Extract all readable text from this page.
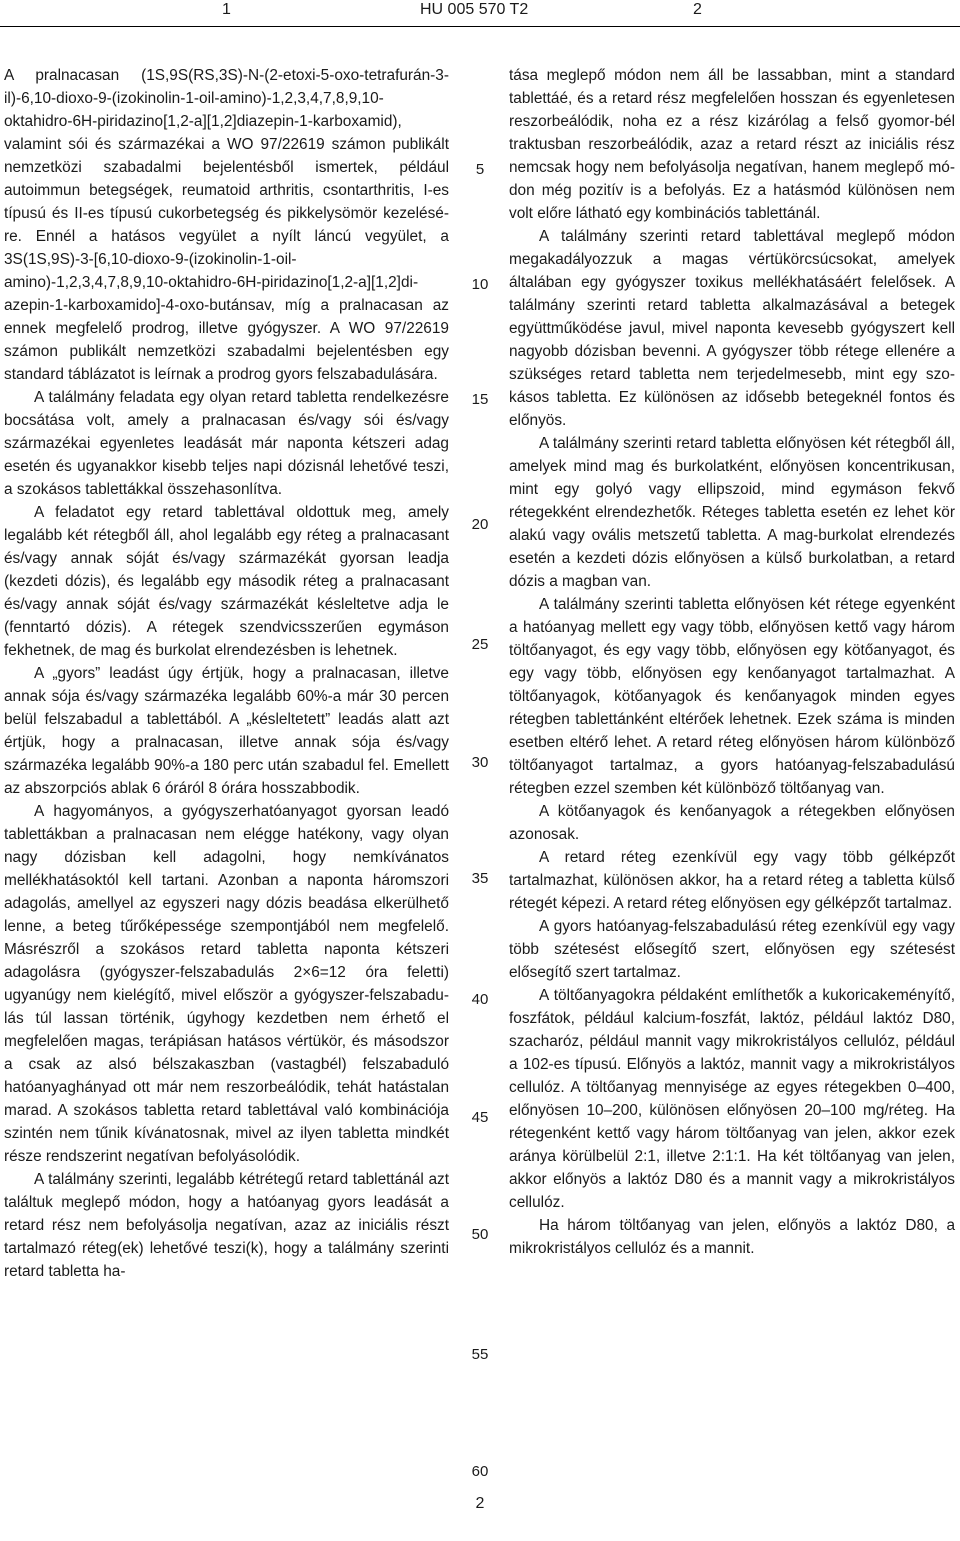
1	HU 005 570 T2	2

A pralnacasan (1S,9S(RS,3S)-N-(2-etoxi-5-oxo-tetrafurán-3-il)-6,10-dioxo-9-(izokinolin-1-oil-amino)-1,2,3,4,7,8,9,10-oktahidro-6H-piridazino[1,2-a][1,2]diazepin-1-karboxamid), valamint sói és származékai a WO 97/22619 számon publikált nemzetközi szabadalmi bejelentésből ismertek, például autoimmun betegségek, reumatoid arthritis, csontarthritis, I-es típusú és II-es típusú cukorbetegség és pikkelysömör kezelésére. Ennél a hatásos vegyület a nyílt láncú vegyület, a 3S(1S,9S)-3-[6,10-dioxo-9-(izokinolin-1-oil-amino)-1,2,3,4,7,8,9,10-oktahidro-6H-piridazino[1,2-a][1,2]diazepin-1-karboxamido]-4-oxo-butánsav, míg a pralnacasan az ennek megfelelő prodrog, illetve gyógyszer. A WO 97/22619 számon publikált nemzetközi szabadalmi bejelentésben egy standard táblázatot is leírnak a prodrog gyors felszabadulására.

A találmány feladata egy olyan retard tabletta rendelkezésre bocsátása volt, amely a pralnacasan és/vagy sói és/vagy származékai egyenletes leadását már naponta kétszeri adag esetén és ugyanakkor kisebb teljes napi dózisnál lehetővé teszi, a szokásos tablettákkal összehasonlítva.

A feladatot egy retard tablettával oldottuk meg, amely legalább két rétegből áll, ahol legalább egy réteg a pralnacasant és/vagy annak sóját és/vagy származékát gyorsan leadja (kezdeti dózis), és legalább egy második réteg a pralnacasant és/vagy annak sóját és/vagy származékát késleltetve adja le (fenntartó dózis). A rétegek szendvicsszerűen egymáson fekhetnek, de mag és burkolat elrendezésben is lehetnek.

A „gyors” leadást úgy értjük, hogy a pralnacasan, illetve annak sója és/vagy származéka legalább 60%-a már 30 percen belül felszabadul a tablettából. A „késleltetett” leadás alatt azt értjük, hogy a pralnacasan, illetve annak sója és/vagy származéka legalább 90%-a 180 perc után szabadul fel. Emellett az abszorpciós ablak 6 óráról 8 órára hosszabbodik.

A hagyományos, a gyógyszerhatóanyagot gyorsan leadó tablettákban a pralnacasan nem elégge hatékony, vagy olyan nagy dózisban kell adagolni, hogy nemkívánatos mellékhatásoktól kell tartani. Azonban a naponta háromszori adagolás, amellyel az egyszeri nagy dózis beadása elkerülhető lenne, a beteg tűrőképessége szempontjából nem megfelelő. Másrészről a szokásos retard tabletta naponta kétszeri adagolásra (gyógyszer-felszabadulás 2×6=12 óra feletti) ugyanúgy nem kielégítő, mivel először a gyógyszer-felszabadulás túl lassan történik, úgyhogy kezdetben nem érhető el megfelelően magas, terápiásan hatásos vértükör, és másodszor a csak az alsó bélszakaszban (vastagbél) felszabaduló hatóanyaghányad ott már nem reszorbeálódik, tehát hatástalan marad. A szokásos tabletta retard tablettával való kombinációja szintén nem tűnik kívánatosnak, mivel az ilyen tabletta mindkét része rendszerint negatívan befolyásolódik.

A találmány szerinti, legalább kétrétegű retard tablettánál azt találtuk meglepő módon, hogy a hatóanyag gyors leadását a retard rész nem befolyásolja negatívan, azaz az iniciális részt tartalmazó réteg(ek) lehetővé teszi(k), hogy a találmány szerinti retard tabletta ha-

5
10
15
20
25
30
35
40
45
50
55
60

tása meglepő módon nem áll be lassabban, mint a standard tablettáé, és a retard rész megfelelően hosszan és egyenletesen reszorbeálódik, noha ez a rész kizárólag a felső gyomor-bél traktusban reszorbeálódik, azaz a retard részt az iniciális rész nemcsak hogy nem befolyásolja negatívan, hanem meglepő módon még pozitív is a befolyás. Ez a hatásmód különösen nem volt előre látható egy kombinációs tablettánál.

A találmány szerinti retard tablettával meglepő módon megakadályozzuk a magas vértükörcsúcsokat, amelyek általában egy gyógyszer toxikus mellékhatásáért felelősek. A találmány szerinti retard tabletta alkalmazásával a betegek együttműködése javul, mivel naponta kevesebb gyógyszert kell nagyobb dózisban bevenni. A gyógyszer több rétege ellenére a szükséges retard tabletta nem terjedelmesebb, mint egy szokásos tabletta. Ez különösen az idősebb betegeknél fontos és előnyös.

A találmány szerinti retard tabletta előnyösen két rétegből áll, amelyek mind mag és burkolatként, előnyösen koncentrikusan, mint egy golyó vagy ellipszoid, mind egymáson fekvő rétegekként elrendezhetők. Réteges tabletta esetén ez lehet kör alakú vagy ovális metszetű tabletta. A mag-burkolat elrendezés esetén a kezdeti dózis előnyösen a külső burkolatban, a retard dózis a magban van.

A találmány szerinti tabletta előnyösen két rétege egyenként a hatóanyag mellett egy vagy több, előnyösen kettő vagy három töltőanyagot, és egy vagy több, előnyösen egy kötőanyagot, és egy vagy több, előnyösen egy kenőanyagot tartalmazhat. A töltőanyagok, kötőanyagok és kenőanyagok minden egyes rétegben tablettánként eltérőek lehetnek. Ezek száma is minden esetben eltérő lehet. A retard réteg előnyösen három különböző töltőanyagot tartalmaz, a gyors hatóanyag-felszabadulású rétegben ezzel szemben két különböző töltőanyag van.

A kötőanyagok és kenőanyagok a rétegekben előnyösen azonosak.

A retard réteg ezenkívül egy vagy több gélképzőt tartalmazhat, különösen akkor, ha a retard réteg a tabletta külső rétegét képezi. A retard réteg előnyösen egy gélképzőt tartalmaz.

A gyors hatóanyag-felszabadulású réteg ezenkívül egy vagy több szétesést elősegítő szert, előnyösen egy szétesést elősegítő szert tartalmaz.

A töltőanyagokra példaként említhetők a kukoricakeményítő, foszfátok, például kalcium-foszfát, laktóz, például laktóz D80, szacharóz, például mannit vagy mikrokristályos cellulóz, például a 102-es típusú. Előnyös a laktóz, mannit vagy a mikrokristályos cellulóz. A töltőanyag mennyisége az egyes rétegekben 0–400, előnyösen 10–200, különösen előnyösen 20–100 mg/réteg. Ha rétegenként kettő vagy három töltőanyag van jelen, akkor ezek aránya körülbelül 2:1, illetve 2:1:1. Ha két töltőanyag van jelen, akkor előnyös a laktóz D80 és a mannit vagy a mikrokristályos cellulóz.

Ha három töltőanyag van jelen, előnyös a laktóz D80, a mikrokristályos cellulóz és a mannit.

2
